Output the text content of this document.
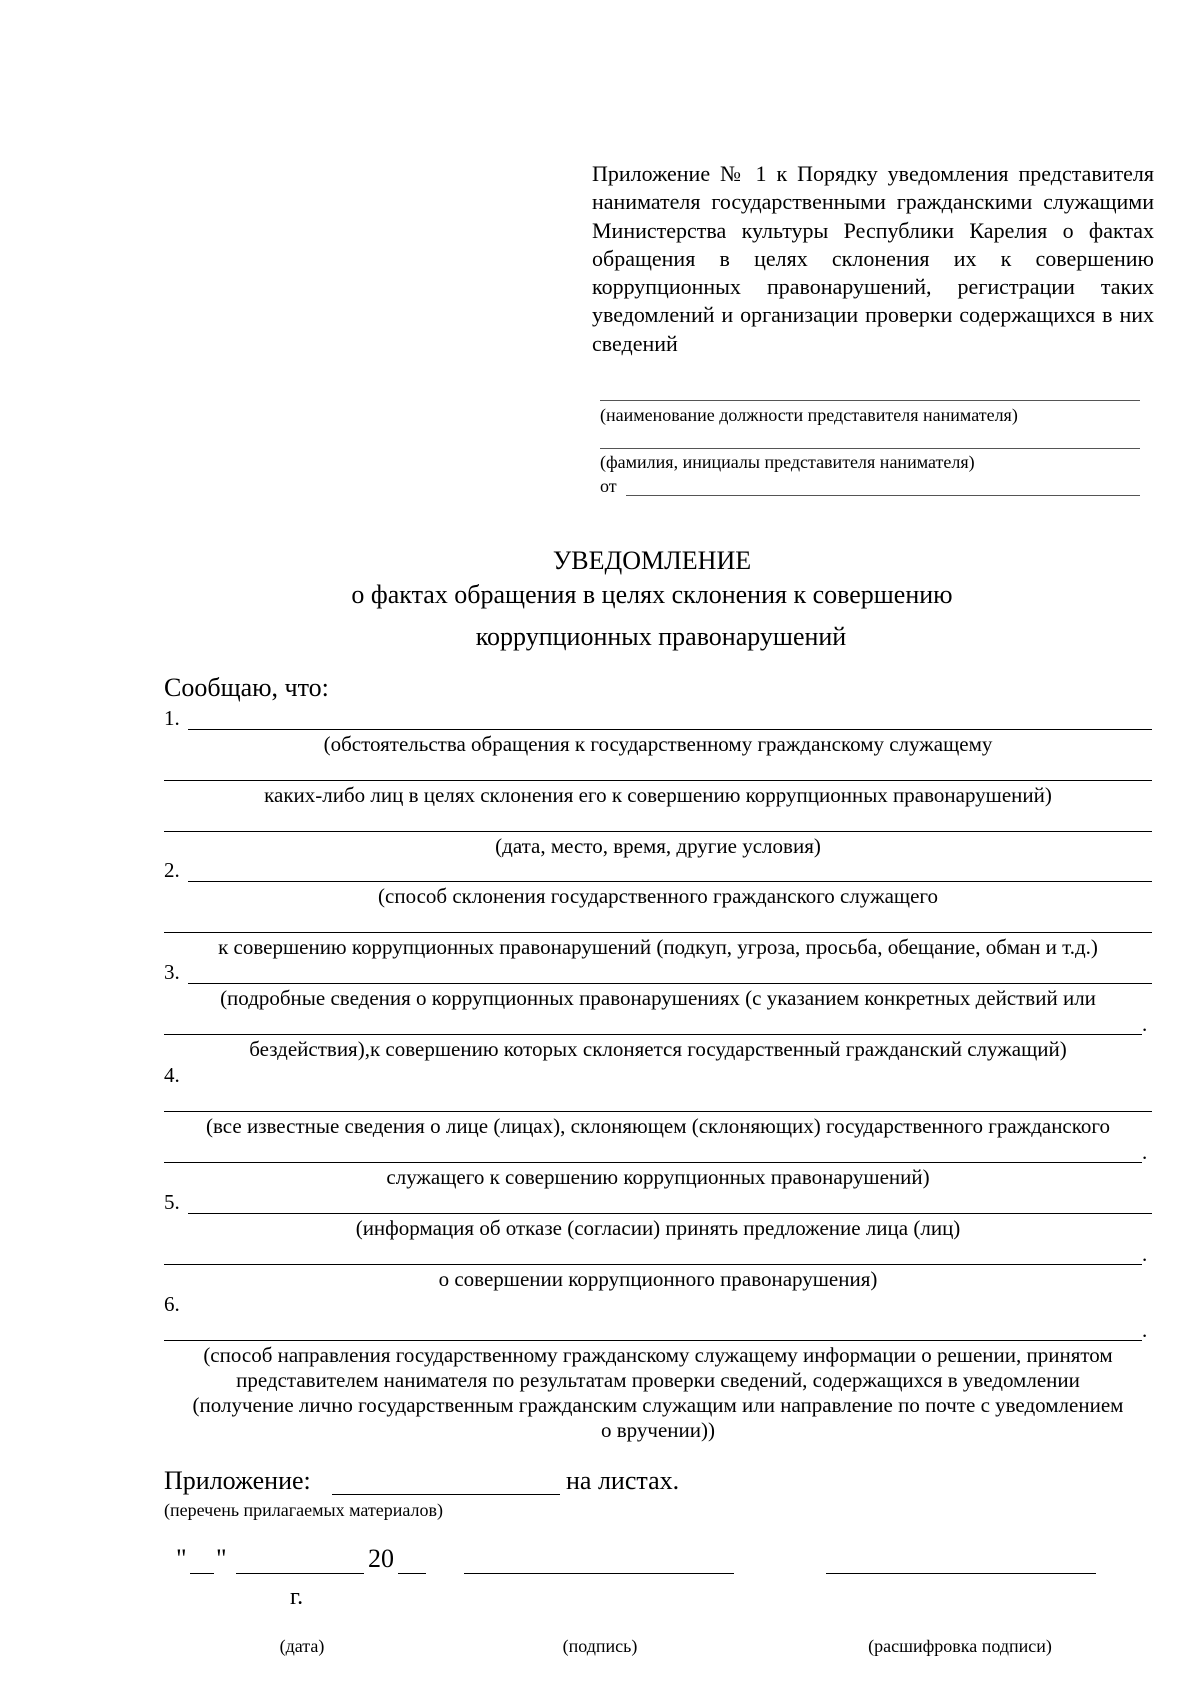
Приложение № 1 к Порядку уведомления представителя нанимателя государственными гражданскими служащими Министерства культуры Республики Карелия о фактах обращения в целях склонения их к совершению коррупционных правонарушений, регистрации таких уведомлений и организации проверки содержащихся в них сведений
(наименование должности представителя нанимателя)
(фамилия, инициалы представителя нанимателя)
от
УВЕДОМЛЕНИЕ
о фактах обращения в целях склонения к совершению
коррупционных правонарушений
Сообщаю, что:
1.
(обстоятельства обращения к государственному гражданскому служащему
каких-либо лиц в целях склонения его к совершению коррупционных правонарушений)
(дата, место, время, другие условия)
2.
(способ склонения государственного гражданского служащего
к совершению коррупционных правонарушений (подкуп, угроза, просьба, обещание, обман и т.д.)
3.
(подробные сведения о коррупционных правонарушениях (с указанием конкретных действий или
.
бездействия),к совершению которых склоняется государственный гражданский служащий)
4.
(все известные сведения о лице (лицах), склоняющем (склоняющих) государственного гражданского
.
служащего к совершению коррупционных правонарушений)
5.
(информация об отказе (согласии) принять предложение лица (лиц)
.
о совершении коррупционного правонарушения)
6.
.
(способ направления государственному гражданскому служащему информации о решении, принятом
представителем нанимателя по результатам проверки сведений, содержащихся в уведомлении
(получение лично государственным гражданским служащим или направление по почте с уведомлением
о вручении))
Приложение:	на листах.
(перечень прилагаемых материалов)
" "	20
г.
(дата)	(подпись)	(расшифровка подписи)
